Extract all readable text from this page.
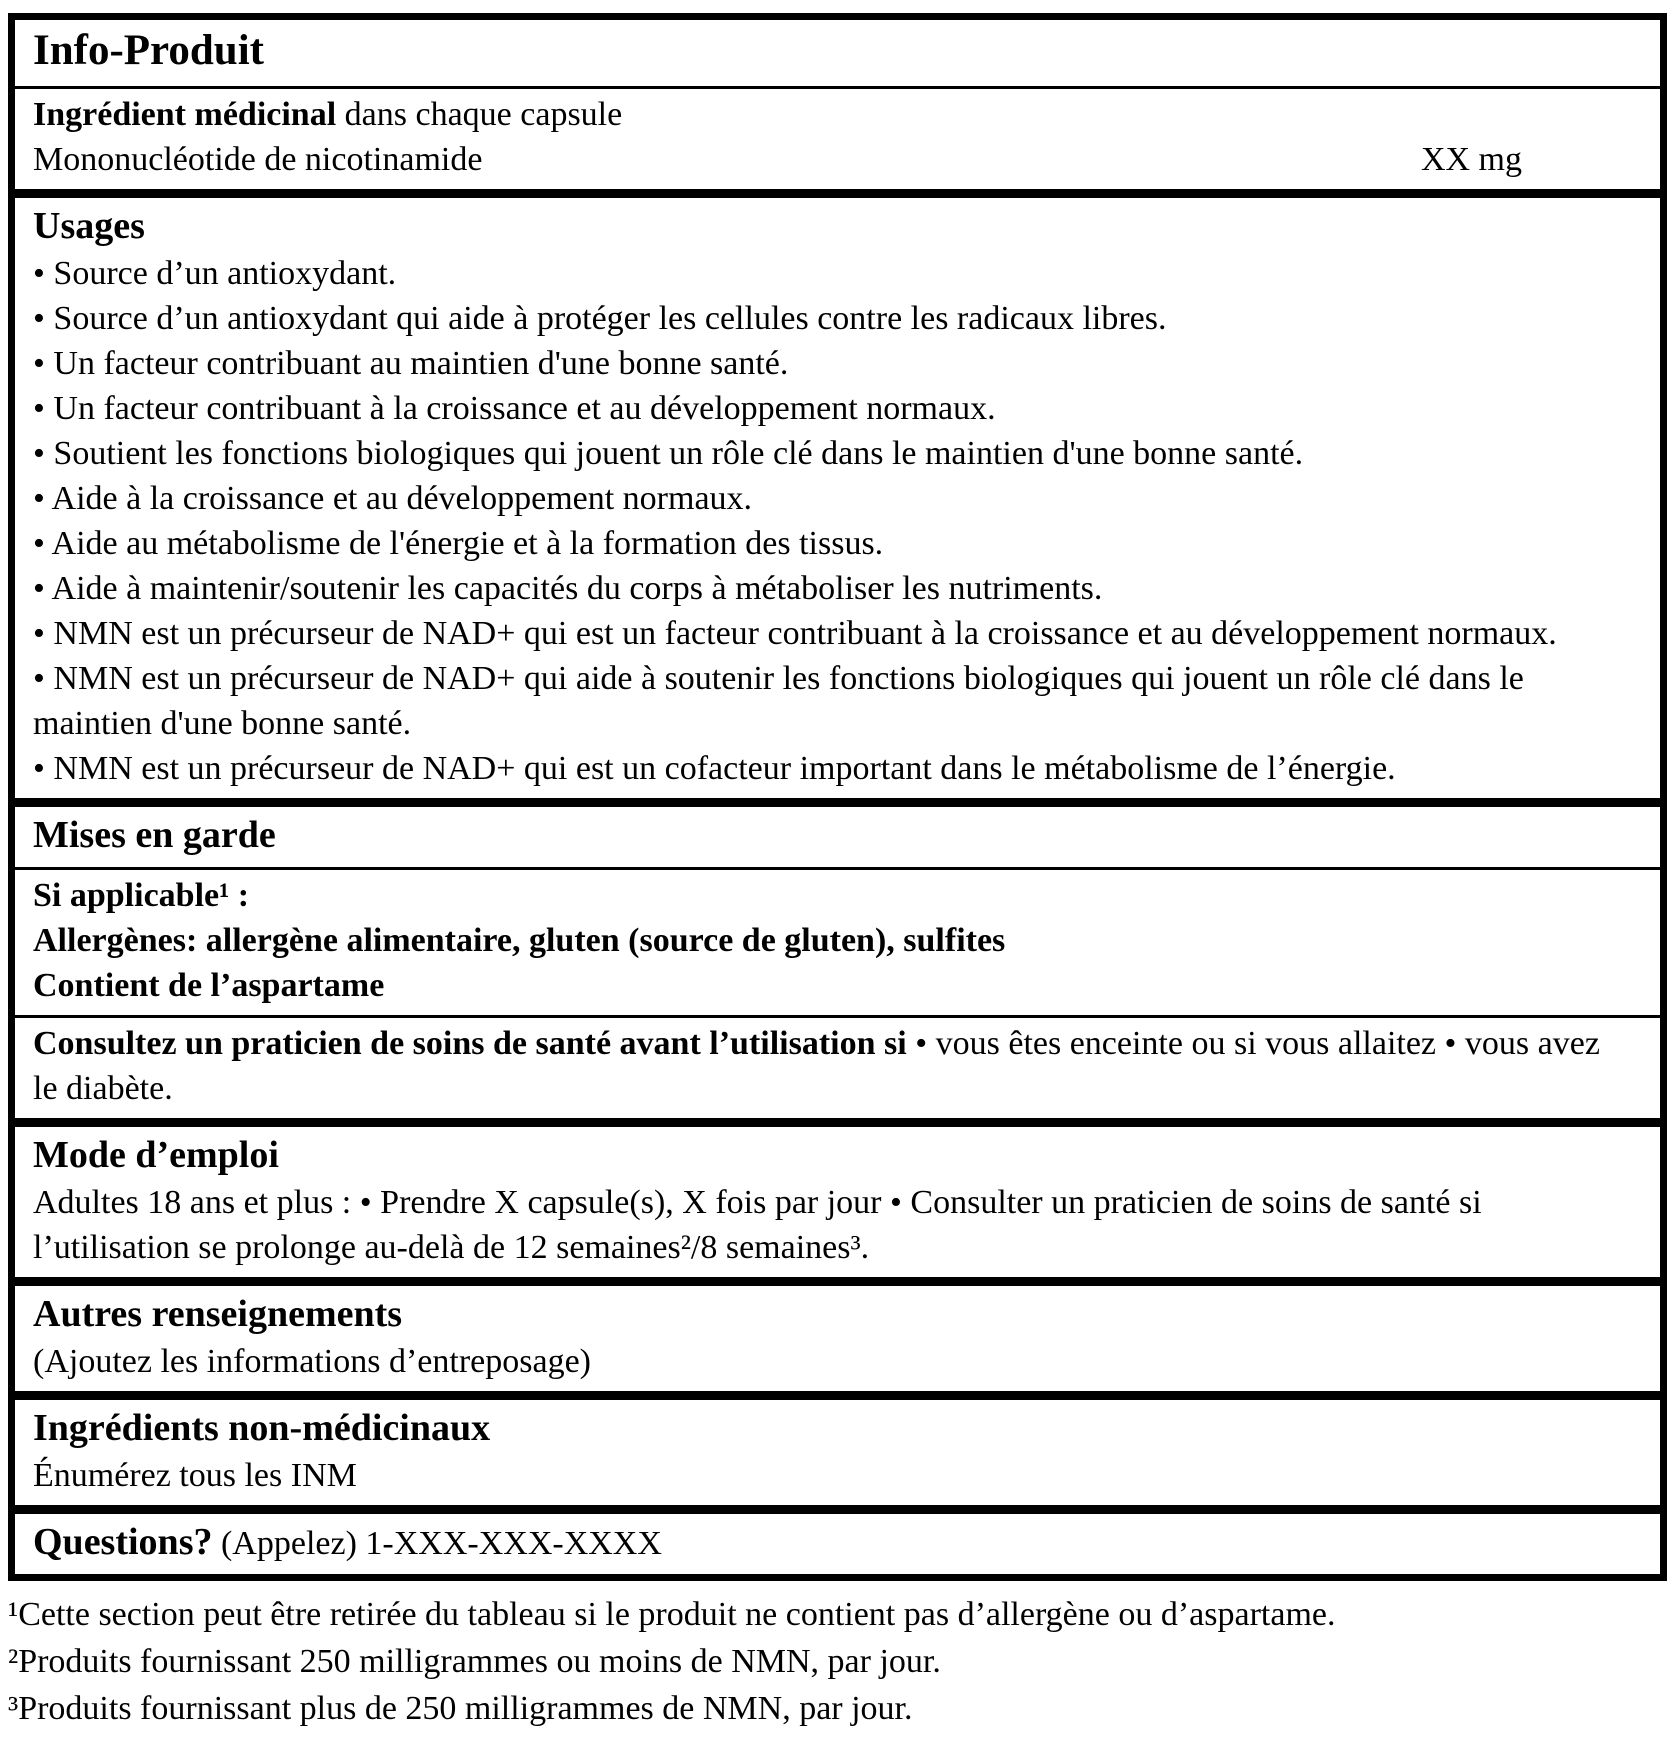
Info-Produit

Ingrédient médicinal dans chaque capsule

Mononucléotide de nicotinamide	XX mg
Usages

• Source d’un antioxydant.

• Source d’un antioxydant qui aide à protéger les cellules contre les radicaux libres.

• Un facteur contribuant au maintien d'une bonne santé.

• Un facteur contribuant à la croissance et au développement normaux.

• Soutient les fonctions biologiques qui jouent un rôle clé dans le maintien d'une bonne santé.

• Aide à la croissance et au développement normaux.

• Aide au métabolisme de l'énergie et à la formation des tissus.

• Aide à maintenir/soutenir les capacités du corps à métaboliser les nutriments.

• NMN est un précurseur de NAD+ qui est un facteur contribuant à la croissance et au développement normaux.

• NMN est un précurseur de NAD+ qui aide à soutenir les fonctions biologiques qui jouent un rôle clé dans le maintien d'une bonne santé.

• NMN est un précurseur de NAD+ qui est un cofacteur important dans le métabolisme de l’énergie.

Mises en garde

Si applicable¹ :

Allergènes: allergène alimentaire, gluten (source de gluten), sulfites

Contient de l’aspartame

Consultez un praticien de soins de santé avant l’utilisation si • vous êtes enceinte ou si vous allaitez • vous avez le diabète.

Mode d’emploi

Adultes 18 ans et plus : • Prendre X capsule(s), X fois par jour • Consulter un praticien de soins de santé si l’utilisation se prolonge au-delà de 12 semaines²/8 semaines³.

Autres renseignements

(Ajoutez les informations d’entreposage)

Ingrédients non-médicinaux

Énumérez tous les INM

Questions? (Appelez) 1-XXX-XXX-XXXX

¹Cette section peut être retirée du tableau si le produit ne contient pas d’allergène ou d’aspartame.

²Produits fournissant 250 milligrammes ou moins de NMN, par jour.

³Produits fournissant plus de 250 milligrammes de NMN, par jour.
